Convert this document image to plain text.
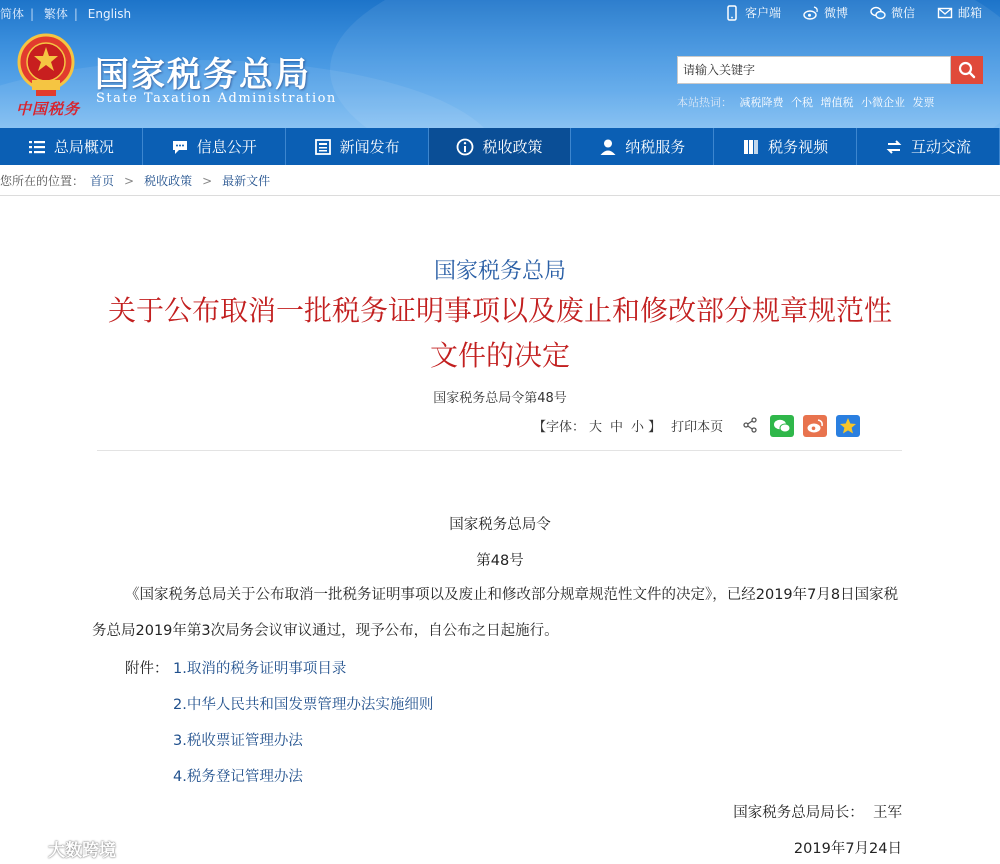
简体 | 繁体 | English	客户端	微博	微信	邮箱
中国税务
国家税务总局
State Taxation Administration
请输入关键字	本站热词： 减税降费 个税 增值税 小微企业 发票
总局概况	信息公开	新闻发布	税收政策	纳税服务	税务视频	互动交流
您所在的位置： 首页 > 税收政策 > 最新文件
国家税务总局
关于公布取消一批税务证明事项以及废止和修改部分规章规范性文件的决定
国家税务总局令第48号
【字体： 大 中 小 】 打印本页
国家税务总局令
第48号
《国家税务总局关于公布取消一批税务证明事项以及废止和修改部分规章规范性文件的决定》，已经2019年7月8日国家税务总局2019年第3次局务会议审议通过，现予公布，自公布之日起施行。
附件： 1.取消的税务证明事项目录
2.中华人民共和国发票管理办法实施细则
3.税收票证管理办法
4.税务登记管理办法
国家税务总局局长： 王军
2019年7月24日
大数跨境
